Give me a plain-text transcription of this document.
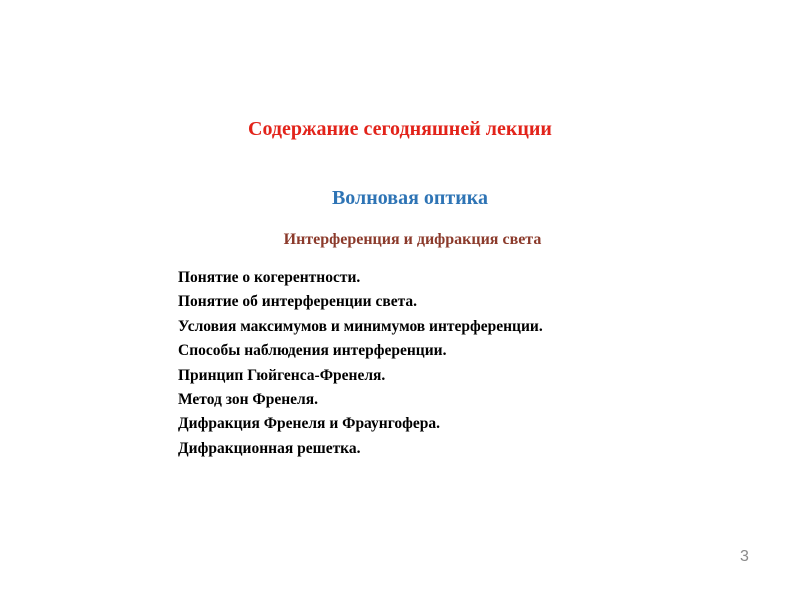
Содержание сегодняшней лекции
Волновая оптика
Интерференция и дифракция света
Понятие о когерентности.
Понятие об интерференции света.
Условия максимумов и минимумов интерференции.
Способы наблюдения интерференции.
Принцип Гюйгенса-Френеля.
Метод зон Френеля.
Дифракция Френеля и Фраунгофера.
Дифракционная решетка.
3
